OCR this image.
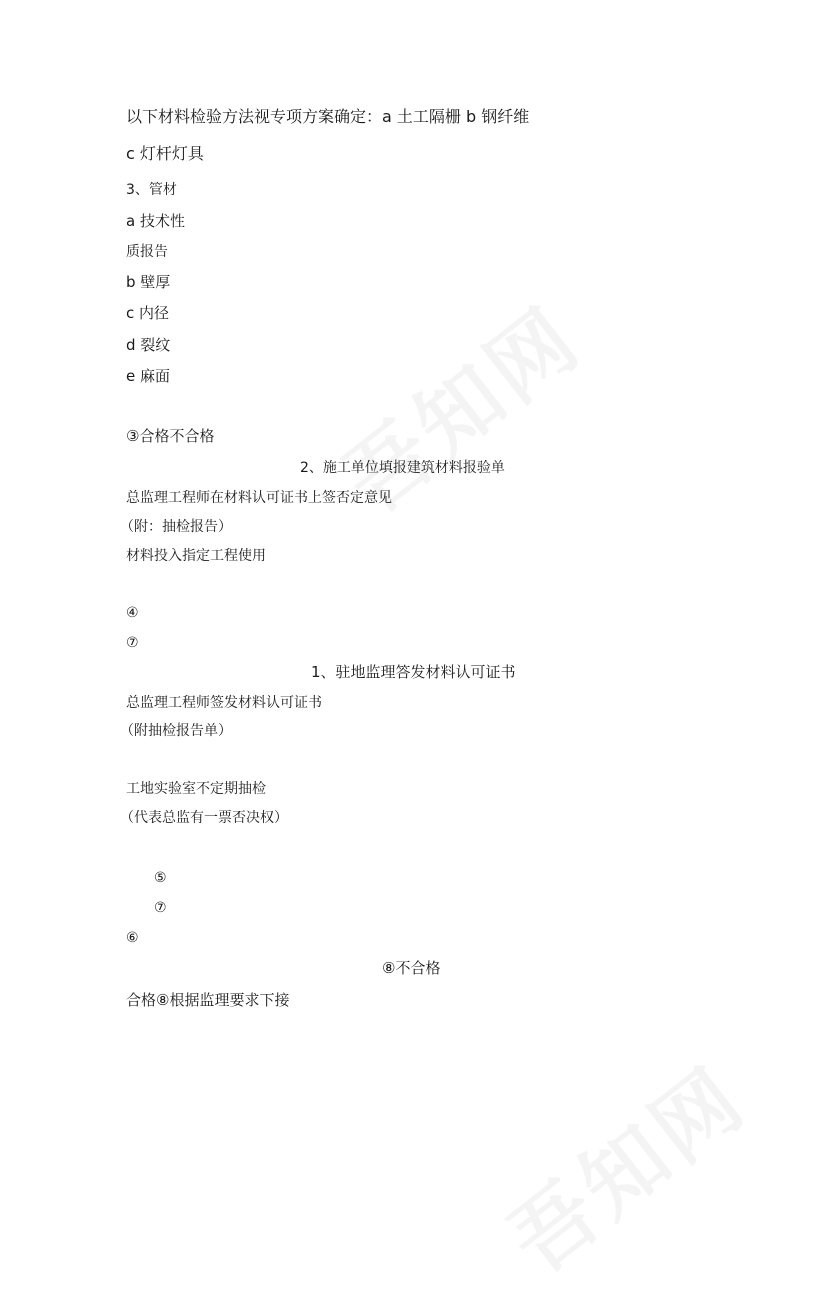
以下材料检验方法视专项方案确定：a 土工隔栅 b 钢纤维
c 灯杆灯具
3、管材
a 技术性
质报告
b 壁厚
c 内径
d 裂纹
e 麻面
③合格不合格
2、施工单位填报建筑材料报验单
总监理工程师在材料认可证书上签否定意见
（附：抽检报告）
材料投入指定工程使用
④
⑦
1、驻地监理答发材料认可证书
总监理工程师签发材料认可证书
（附抽检报告单）
工地实验室不定期抽检
（代表总监有一票否决权）
⑤
⑦
⑥
⑧不合格
合格⑧根据监理要求下接
